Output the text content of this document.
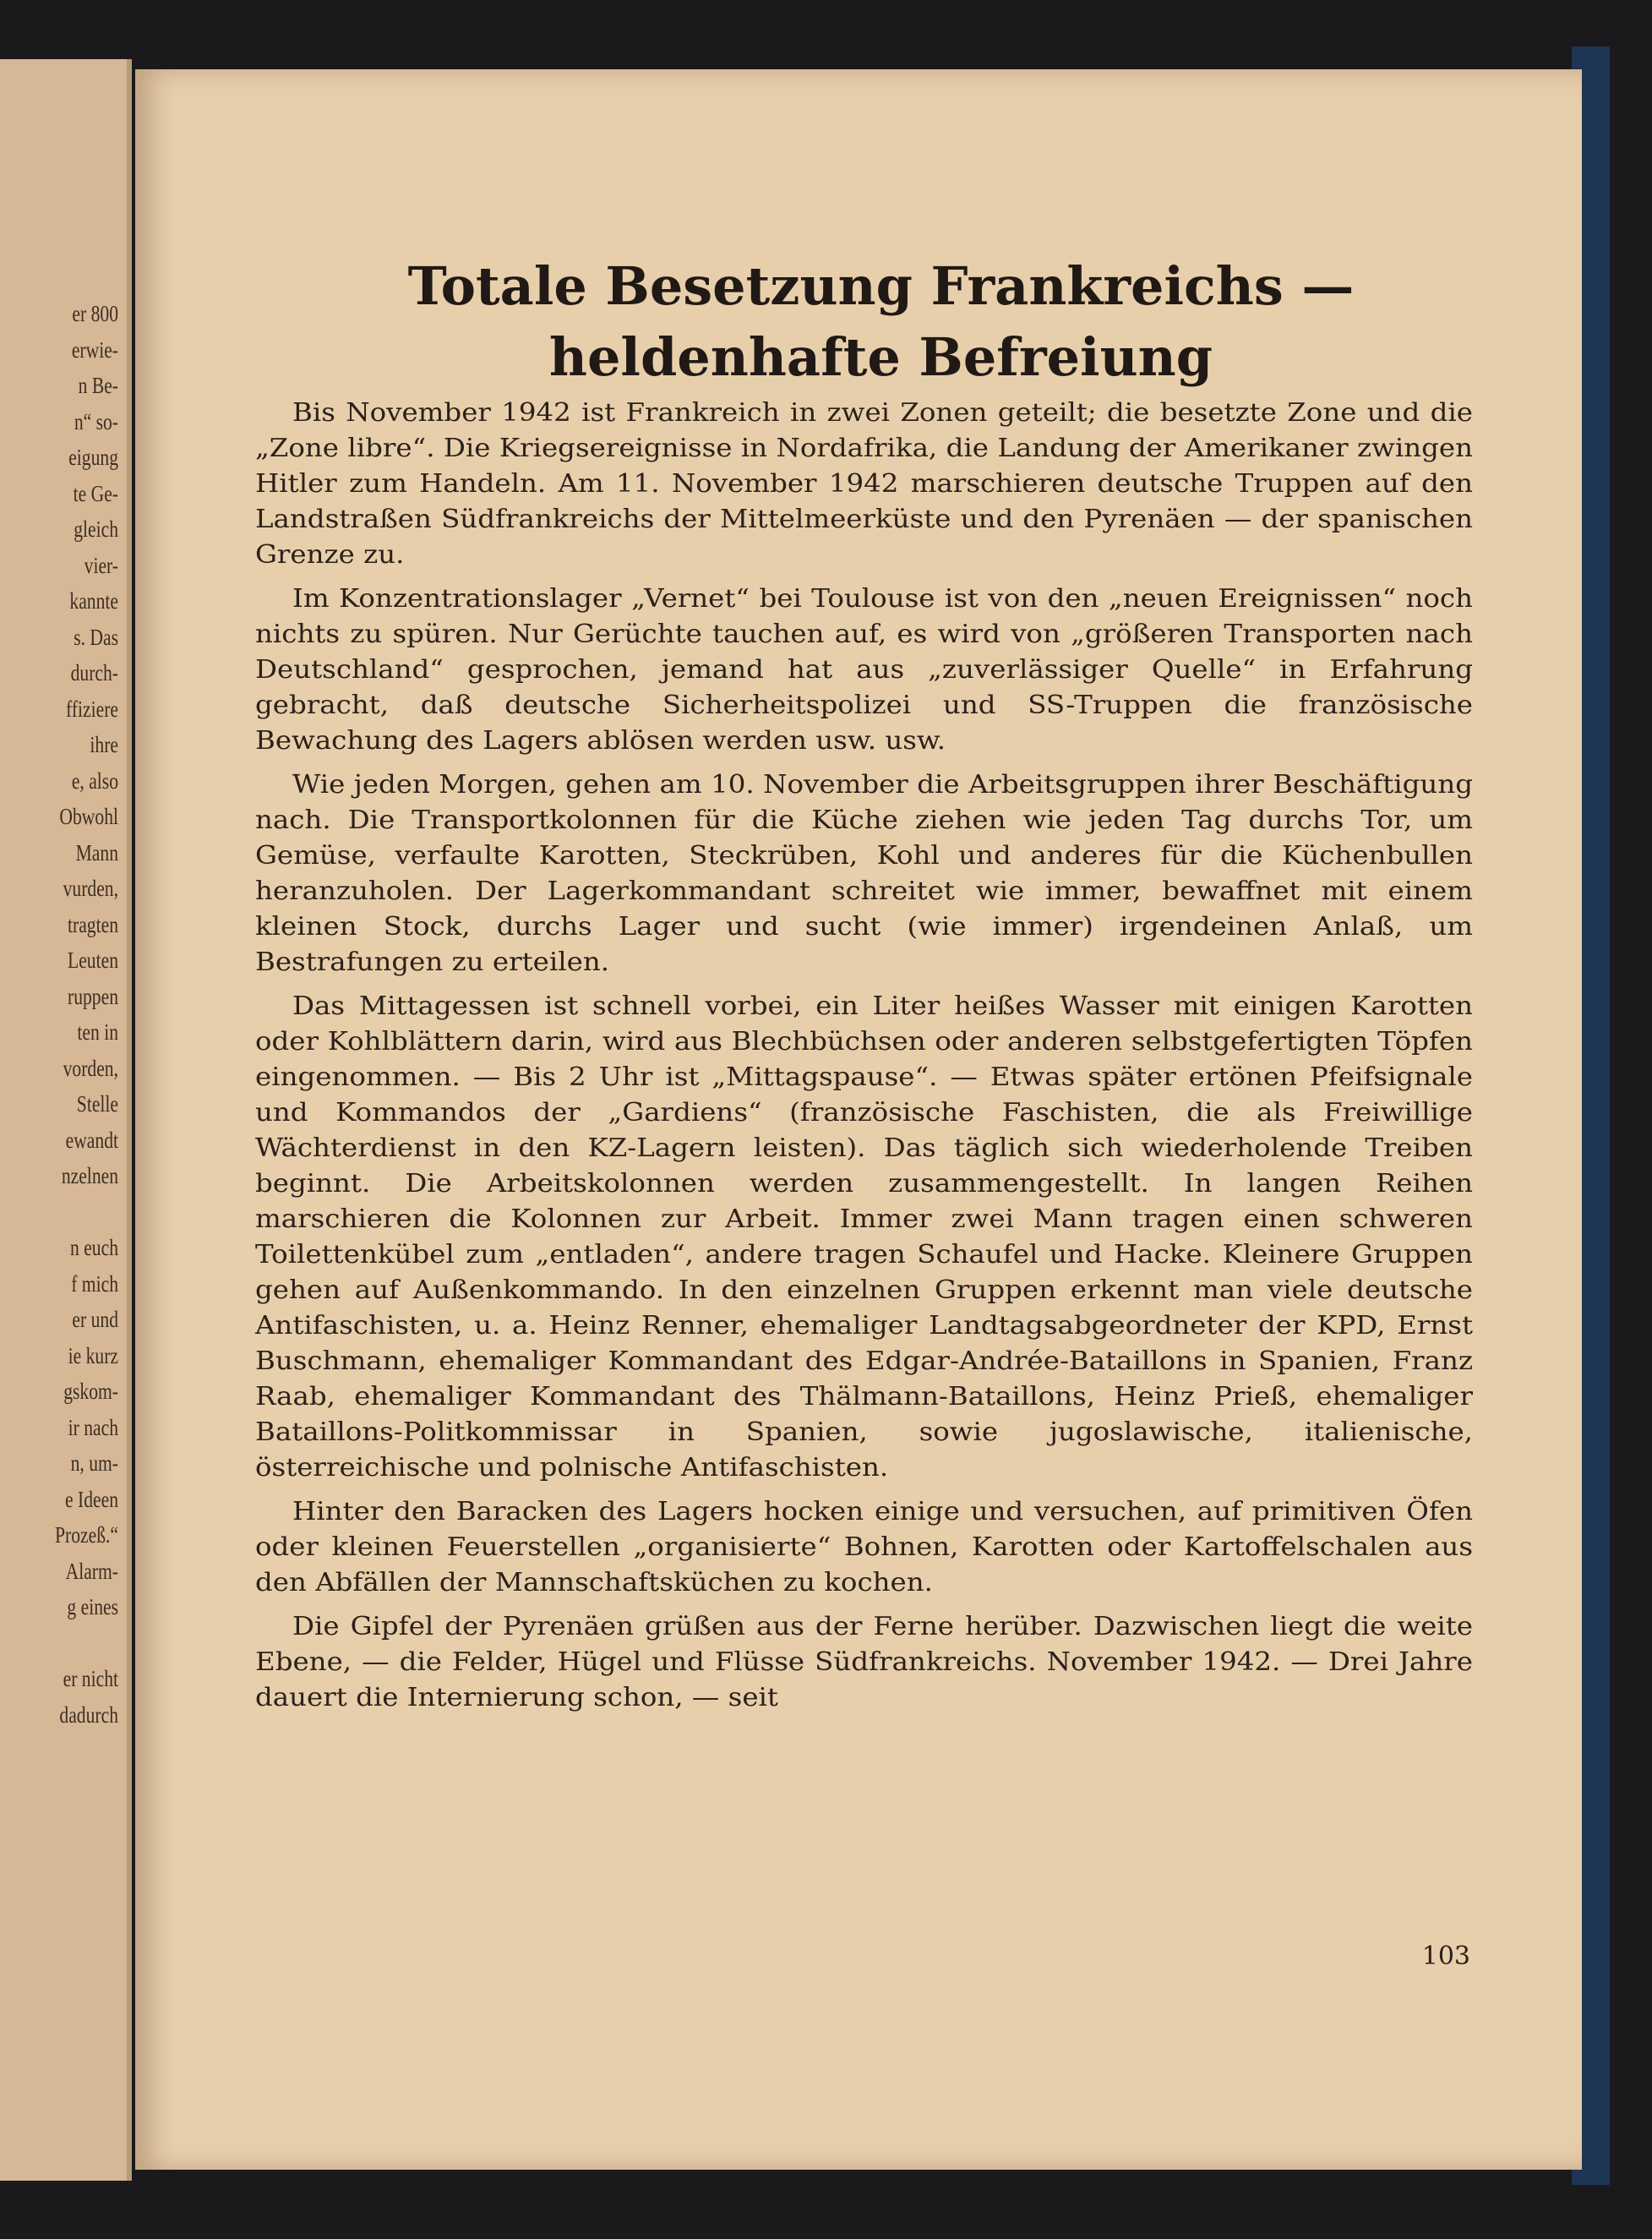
er 800
erwie-
n Be-
n“ so-
eigung
te Ge-
gleich
vier-
kannte
s. Das
durch-
ffiziere
ihre
e, also
Obwohl
Mann
vurden,
tragten
Leuten
ruppen
ten in
vorden,
Stelle
ewandt
nzelnen
n euch
f mich
er und
ie kurz
gskom-
ir nach
n, um-
e Ideen
Prozeß.“
Alarm-
g eines
er nicht
dadurch
Totale Besetzung Frankreichs — heldenhafte Befreiung

Bis November 1942 ist Frankreich in zwei Zonen geteilt; die besetzte Zone und die „Zone libre“. Die Kriegsereignisse in Nordafrika, die Landung der Amerikaner zwingen Hitler zum Handeln. Am 11. November 1942 marschieren deutsche Truppen auf den Landstraßen Südfrankreichs der Mittelmeerküste und den Pyrenäen — der spanischen Grenze zu.

Im Konzentrationslager „Vernet“ bei Toulouse ist von den „neuen Ereignissen“ noch nichts zu spüren. Nur Gerüchte tauchen auf, es wird von „größeren Transporten nach Deutschland“ gesprochen, jemand hat aus „zuverlässiger Quelle“ in Erfahrung gebracht, daß deutsche Sicherheitspolizei und SS-Truppen die französische Bewachung des Lagers ablösen werden usw. usw.

Wie jeden Morgen, gehen am 10. November die Arbeitsgruppen ihrer Beschäftigung nach. Die Transportkolonnen für die Küche ziehen wie jeden Tag durchs Tor, um Gemüse, verfaulte Karotten, Steckrüben, Kohl und anderes für die Küchenbullen heranzuholen. Der Lagerkommandant schreitet wie immer, bewaffnet mit einem kleinen Stock, durchs Lager und sucht (wie immer) irgendeinen Anlaß, um Bestrafungen zu erteilen.

Das Mittagessen ist schnell vorbei, ein Liter heißes Wasser mit einigen Karotten oder Kohlblättern darin, wird aus Blechbüchsen oder anderen selbstgefertigten Töpfen eingenommen. — Bis 2 Uhr ist „Mittagspause“. — Etwas später ertönen Pfeifsignale und Kommandos der „Gardiens“ (französische Faschisten, die als Freiwillige Wächterdienst in den KZ-Lagern leisten). Das täglich sich wiederholende Treiben beginnt. Die Arbeitskolonnen werden zusammengestellt. In langen Reihen marschieren die Kolonnen zur Arbeit. Immer zwei Mann tragen einen schweren Toilettenkübel zum „entladen“, andere tragen Schaufel und Hacke. Kleinere Gruppen gehen auf Außenkommando. In den einzelnen Gruppen erkennt man viele deutsche Antifaschisten, u. a. Heinz Renner, ehemaliger Landtagsabgeordneter der KPD, Ernst Buschmann, ehemaliger Kommandant des Edgar-Andrée-Bataillons in Spanien, Franz Raab, ehemaliger Kommandant des Thälmann-Bataillons, Heinz Prieß, ehemaliger Bataillons-Politkommissar in Spanien, sowie jugoslawische, italienische, österreichische und polnische Antifaschisten.

Hinter den Baracken des Lagers hocken einige und versuchen, auf primitiven Öfen oder kleinen Feuerstellen „organisierte“ Bohnen, Karotten oder Kartoffelschalen aus den Abfällen der Mannschaftsküchen zu kochen.

Die Gipfel der Pyrenäen grüßen aus der Ferne herüber. Dazwischen liegt die weite Ebene, — die Felder, Hügel und Flüsse Südfrankreichs. November 1942. — Drei Jahre dauert die Internierung schon, — seit

103
